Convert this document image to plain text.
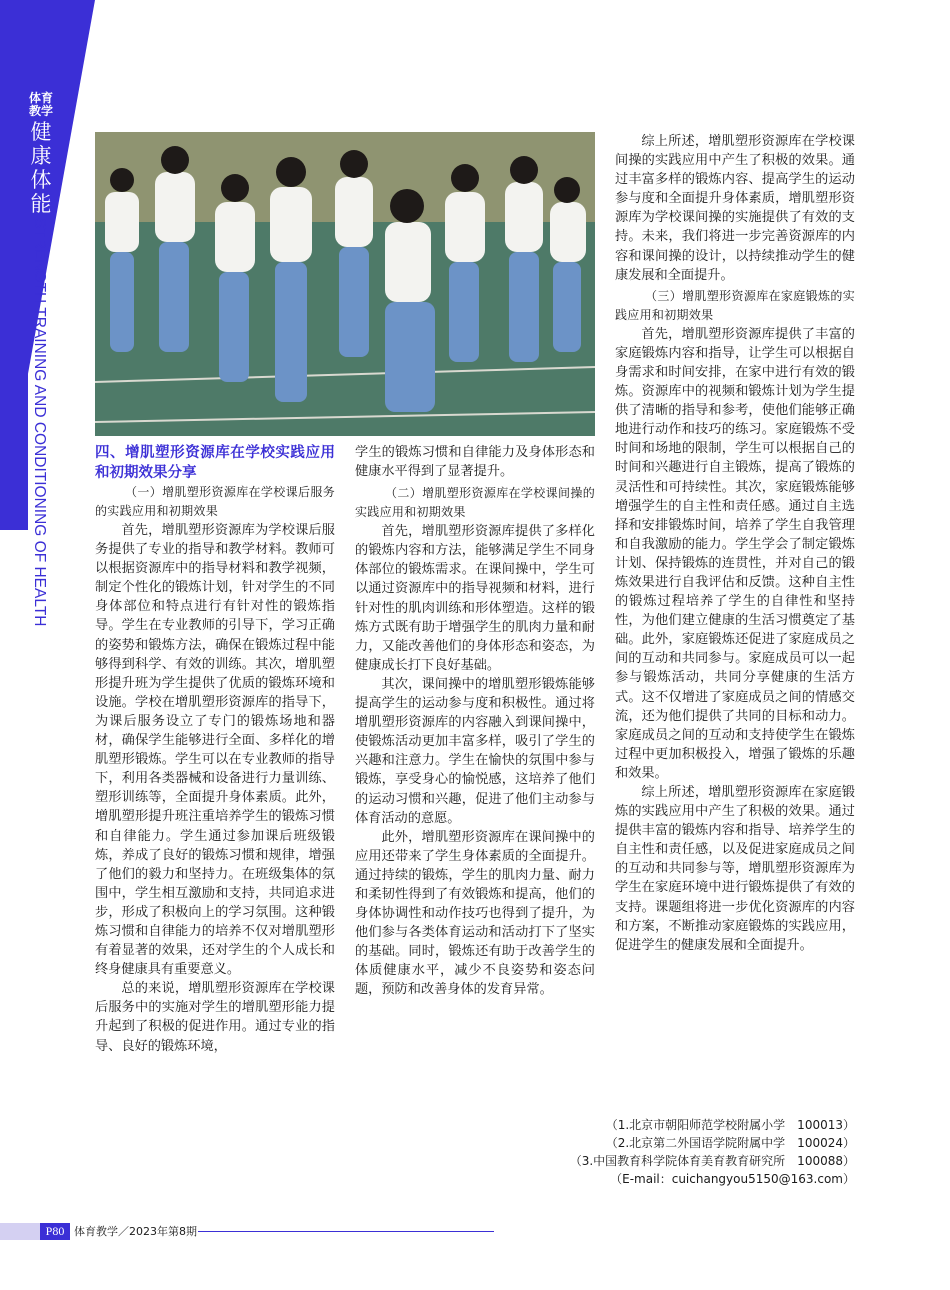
体育教学
健康体能
STRENGTH TRAINING AND CONDITIONING OF HEALTH	四、增肌塑形资源库在学校实践应用和初期效果分享

（一）增肌塑形资源库在学校课后服务的实践应用和初期效果

首先，增肌塑形资源库为学校课后服务提供了专业的指导和教学材料。教师可以根据资源库中的指导材料和教学视频，制定个性化的锻炼计划，针对学生的不同身体部位和特点进行有针对性的锻炼指导。学生在专业教师的引导下，学习正确的姿势和锻炼方法，确保在锻炼过程中能够得到科学、有效的训练。其次，增肌塑形提升班为学生提供了优质的锻炼环境和设施。学校在增肌塑形资源库的指导下，为课后服务设立了专门的锻炼场地和器材，确保学生能够进行全面、多样化的增肌塑形锻炼。学生可以在专业教师的指导下，利用各类器械和设备进行力量训练、塑形训练等，全面提升身体素质。此外，增肌塑形提升班注重培养学生的锻炼习惯和自律能力。学生通过参加课后班级锻炼，养成了良好的锻炼习惯和规律，增强了他们的毅力和坚持力。在班级集体的氛围中，学生相互激励和支持，共同追求进步，形成了积极向上的学习氛围。这种锻炼习惯和自律能力的培养不仅对增肌塑形有着显著的效果，还对学生的个人成长和终身健康具有重要意义。

总的来说，增肌塑形资源库在学校课后服务中的实施对学生的增肌塑形能力提升起到了积极的促进作用。通过专业的指导、良好的锻炼环境，

学生的锻炼习惯和自律能力及身体形态和健康水平得到了显著提升。

（二）增肌塑形资源库在学校课间操的实践应用和初期效果

首先，增肌塑形资源库提供了多样化的锻炼内容和方法，能够满足学生不同身体部位的锻炼需求。在课间操中，学生可以通过资源库中的指导视频和材料，进行针对性的肌肉训练和形体塑造。这样的锻炼方式既有助于增强学生的肌肉力量和耐力，又能改善他们的身体形态和姿态，为健康成长打下良好基础。

其次，课间操中的增肌塑形锻炼能够提高学生的运动参与度和积极性。通过将增肌塑形资源库的内容融入到课间操中，使锻炼活动更加丰富多样，吸引了学生的兴趣和注意力。学生在愉快的氛围中参与锻炼，享受身心的愉悦感，这培养了他们的运动习惯和兴趣，促进了他们主动参与体育活动的意愿。

此外，增肌塑形资源库在课间操中的应用还带来了学生身体素质的全面提升。通过持续的锻炼，学生的肌肉力量、耐力和柔韧性得到了有效锻炼和提高，他们的身体协调性和动作技巧也得到了提升，为他们参与各类体育运动和活动打下了坚实的基础。同时，锻炼还有助于改善学生的体质健康水平，减少不良姿势和姿态问题，预防和改善身体的发育异常。

综上所述，增肌塑形资源库在学校课间操的实践应用中产生了积极的效果。通过丰富多样的锻炼内容、提高学生的运动参与度和全面提升身体素质，增肌塑形资源库为学校课间操的实施提供了有效的支持。未来，我们将进一步完善资源库的内容和课间操的设计，以持续推动学生的健康发展和全面提升。

（三）增肌塑形资源库在家庭锻炼的实践应用和初期效果

首先，增肌塑形资源库提供了丰富的家庭锻炼内容和指导，让学生可以根据自身需求和时间安排，在家中进行有效的锻炼。资源库中的视频和锻炼计划为学生提供了清晰的指导和参考，使他们能够正确地进行动作和技巧的练习。家庭锻炼不受时间和场地的限制，学生可以根据自己的时间和兴趣进行自主锻炼，提高了锻炼的灵活性和可持续性。其次，家庭锻炼能够增强学生的自主性和责任感。通过自主选择和安排锻炼时间，培养了学生自我管理和自我激励的能力。学生学会了制定锻炼计划、保持锻炼的连贯性，并对自己的锻炼效果进行自我评估和反馈。这种自主性的锻炼过程培养了学生的自律性和坚持性，为他们建立健康的生活习惯奠定了基础。此外，家庭锻炼还促进了家庭成员之间的互动和共同参与。家庭成员可以一起参与锻炼活动，共同分享健康的生活方式。这不仅增进了家庭成员之间的情感交流，还为他们提供了共同的目标和动力。家庭成员之间的互动和支持使学生在锻炼过程中更加积极投入，增强了锻炼的乐趣和效果。

综上所述，增肌塑形资源库在家庭锻炼的实践应用中产生了积极的效果。通过提供丰富的锻炼内容和指导、培养学生的自主性和责任感，以及促进家庭成员之间的互动和共同参与等，增肌塑形资源库为学生在家庭环境中进行锻炼提供了有效的支持。课题组将进一步优化资源库的内容和方案，不断推动家庭锻炼的实践应用，促进学生的健康发展和全面提升。

（1.北京市朝阳师范学校附属小学　100013）

（2.北京第二外国语学院附属中学　100024）

（3.中国教育科学院体育美育教育研究所　100088）

（E-mail：cuichangyou5150@163.com）

P80 体育教学／2023年第8期
